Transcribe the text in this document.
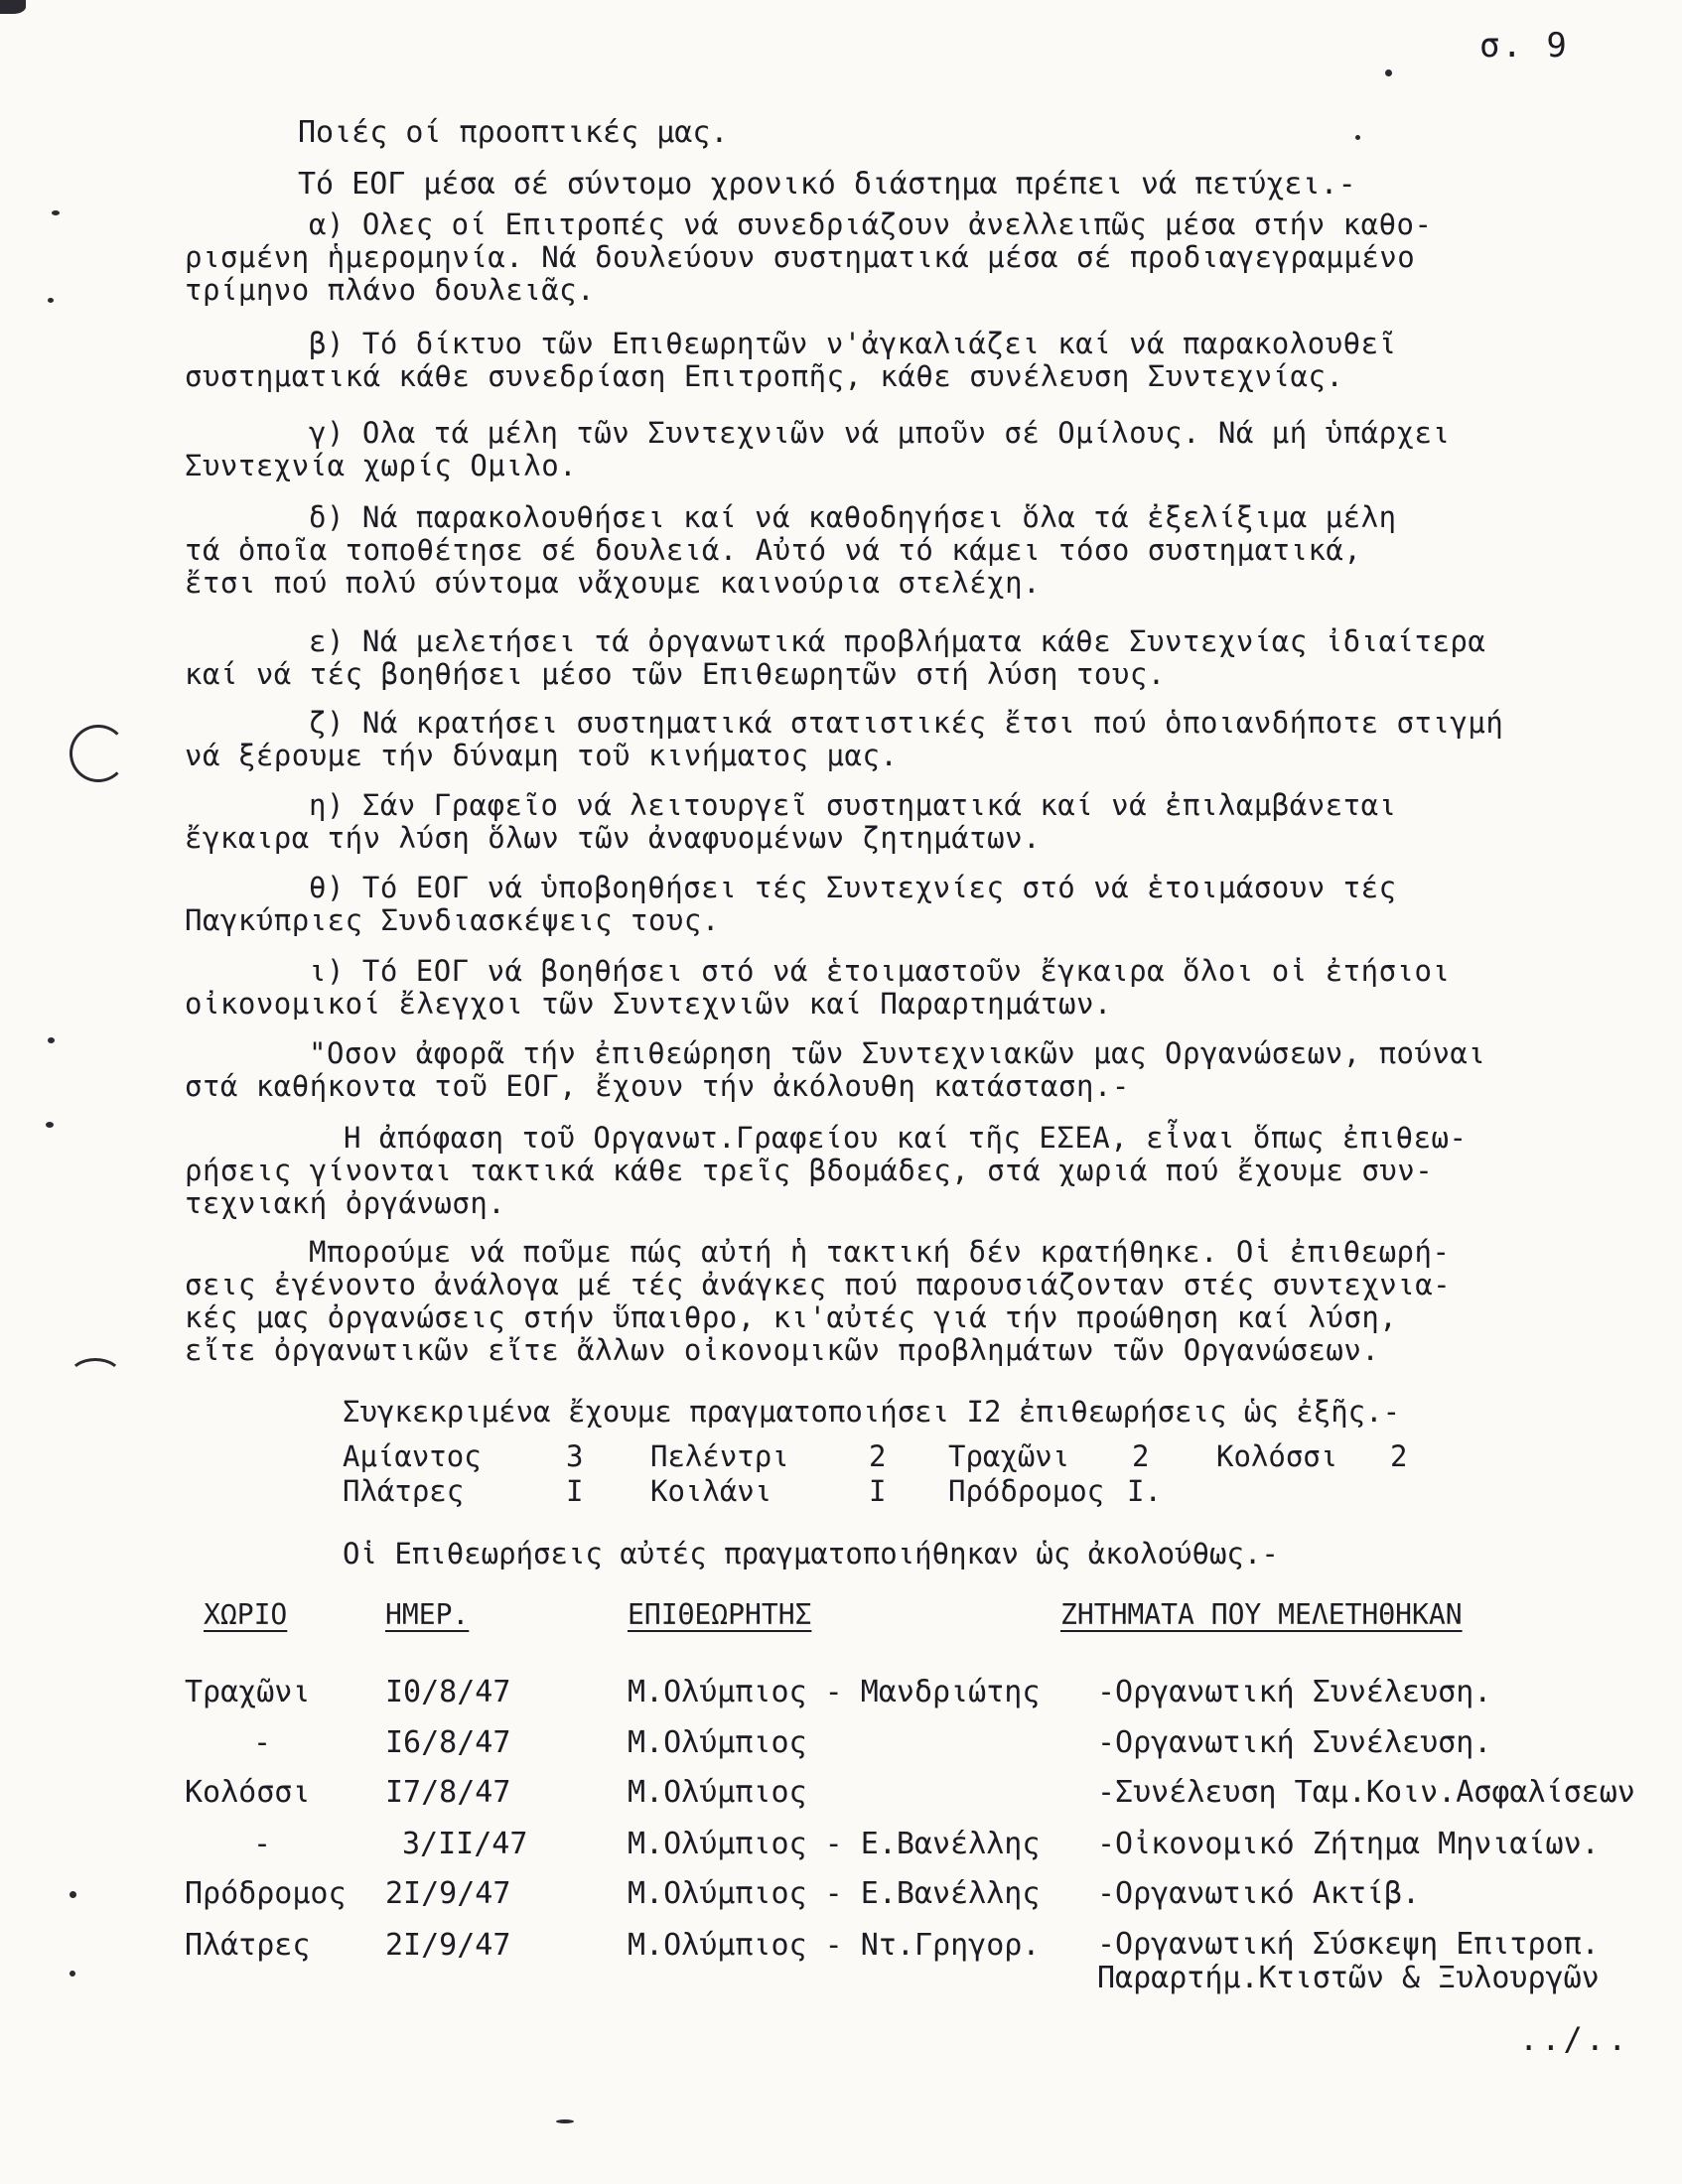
σ. 9
Ποιές οί προοπτικές μας.
Τό ΕΟΓ μέσα σέ σύντομο χρονικό διάστημα πρέπει νά πετύχει.-
α) Ολες οί Επιτροπές νά συνεδριάζουν ἀνελλειπῶς μέσα στήν καθο-
ρισμένη ἡμερομηνία. Νά δουλεύουν συστηματικά μέσα σέ προδιαγεγραμμένο
τρίμηνο πλάνο δουλειᾶς.
β) Τό δίκτυο τῶν Επιθεωρητῶν ν'ἀγκαλιάζει καί νά παρακολουθεῖ
συστηματικά κάθε συνεδρίαση Επιτροπῆς, κάθε συνέλευση Συντεχνίας.
γ) Ολα τά μέλη τῶν Συντεχνιῶν νά μποῦν σέ Ομίλους. Νά μή ὑπάρχει
Συντεχνία χωρίς Ομιλο.
δ) Νά παρακολουθήσει καί νά καθοδηγήσει ὅλα τά ἐξελίξιμα μέλη
τά ὁποῖα τοποθέτησε σέ δουλειά. Αὐτό νά τό κάμει τόσο συστηματικά,
ἔτσι πού πολύ σύντομα νἄχουμε καινούρια στελέχη.
ε) Νά μελετήσει τά ὀργανωτικά προβλήματα κάθε Συντεχνίας ἰδιαίτερα
καί νά τές βοηθήσει μέσο τῶν Επιθεωρητῶν στή λύση τους.
ζ) Νά κρατήσει συστηματικά στατιστικές ἔτσι πού ὁποιανδήποτε στιγμή
νά ξέρουμε τήν δύναμη τοῦ κινήματος μας.
η) Σάν Γραφεῖο νά λειτουργεῖ συστηματικά καί νά ἐπιλαμβάνεται
ἔγκαιρα τήν λύση ὅλων τῶν ἀναφυομένων ζητημάτων.
θ) Τό ΕΟΓ νά ὑποβοηθήσει τές Συντεχνίες στό νά ἑτοιμάσουν τές
Παγκύπριες Συνδιασκέψεις τους.
ι) Τό ΕΟΓ νά βοηθήσει στό νά ἑτοιμαστοῦν ἔγκαιρα ὅλοι οἱ ἐτήσιοι
οἰκονομικοί ἔλεγχοι τῶν Συντεχνιῶν καί Παραρτημάτων.
"Οσον ἀφορᾶ τήν ἐπιθεώρηση τῶν Συντεχνιακῶν μας Οργανώσεων, πούναι
στά καθήκοντα τοῦ ΕΟΓ, ἔχουν τήν ἀκόλουθη κατάσταση.-
Η ἀπόφαση τοῦ Οργανωτ.Γραφείου καί τῆς ΕΣΕΑ, εἶναι ὅπως ἐπιθεω-
ρήσεις γίνονται τακτικά κάθε τρεῖς βδομάδες, στά χωριά πού ἔχουμε συν-
τεχνιακή ὀργάνωση.
Μπορούμε νά ποῦμε πώς αὐτή ἡ τακτική δέν κρατήθηκε. Οἱ ἐπιθεωρή-
σεις ἐγένοντο ἀνάλογα μέ τές ἀνάγκες πού παρουσιάζονταν στές συντεχνια-
κές μας ὀργανώσεις στήν ὕπαιθρο, κι'αὐτές γιά τήν προώθηση καί λύση,
εἴτε ὀργανωτικῶν εἴτε ἄλλων οἰκονομικῶν προβλημάτων τῶν Οργανώσεων.
Συγκεκριμένα ἔχουμε πραγματοποιήσει Ι2 ἐπιθεωρήσεις ὡς ἐξῆς.-
Αμίαντος	3 Πελέντρι	2 Τραχῶνι 2 Κολόσσι 2
Πλάτρες	Ι Κοιλάνι	Ι Πρόδρομος Ι.
Οἱ Επιθεωρήσεις αὐτές πραγματοποιήθηκαν ὡς ἀκολούθως.-
ΧΩΡΙΟ	ΗΜΕΡ.	ΕΠΙΘΕΩΡΗΤΗΣ	ΖΗΤΗΜΑΤΑ ΠΟΥ ΜΕΛΕΤΗΘΗΚΑΝ
Τραχῶνι	Ι0/8/47	Μ.Ολύμπιος - Μανδριώτης -Οργανωτική Συνέλευση.
-	Ι6/8/47	Μ.Ολύμπιος	-Οργανωτική Συνέλευση.
Κολόσσι	Ι7/8/47	Μ.Ολύμπιος	-Συνέλευση Ταμ.Κοιν.Ασφαλίσεων
-	3/ΙΙ/47	Μ.Ολύμπιος - Ε.Βανέλλης -Οἰκονομικό Ζήτημα Μηνιαίων.
Πρόδρομος 2Ι/9/47	Μ.Ολύμπιος - Ε.Βανέλλης -Οργανωτικό Ακτίβ.
Πλάτρες	2Ι/9/47	Μ.Ολύμπιος - Ντ.Γρηγορ. -Οργανωτική Σύσκεψη Επιτροπ.
Παραρτήμ.Κτιστῶν & Ξυλουργῶν
../..
